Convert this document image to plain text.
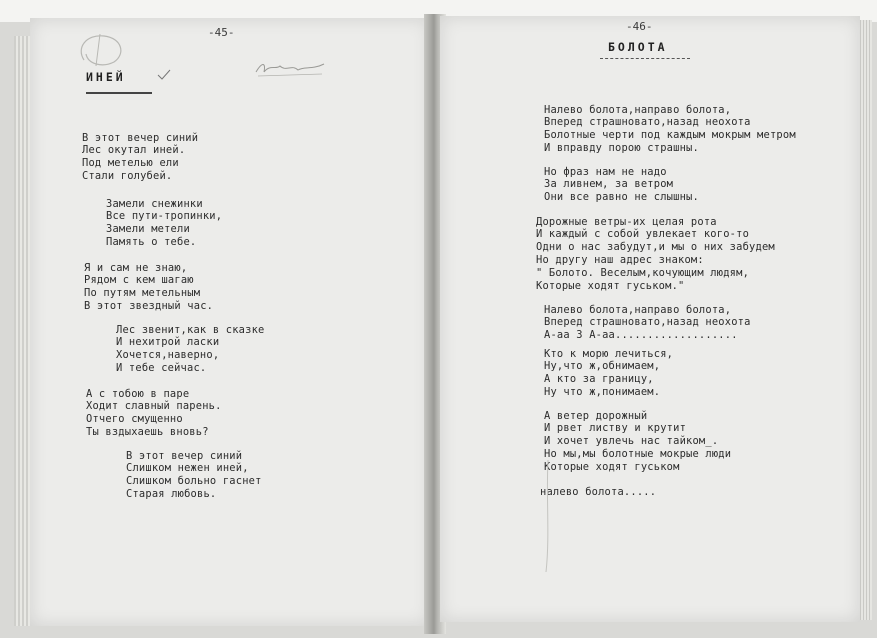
-45-
ИНЕЙ

В этот вечер синий
Лес окутал иней.
Под метелью ели
Стали голубей.

Замели снежинки
Все пути-тропинки,
Замели метели
Память о тебе.

Я и сам не знаю,
Рядом с кем шагаю
По путям метельным
В этот звездный час.

Лес звенит,как в сказке
И нехитрой ласки
Хочется,наверно,
И тебе сейчас.

А с тобою в паре
Ходит славный парень.
Отчего смущенно
Ты вздыхаешь вновь?

В этот вечер синий
Слишком нежен иней,
Слишком больно гаснет
Старая любовь.

-46-
БОЛОТА

Налево болота,направо болота,
Вперед страшновато,назад неохота
Болотные черти под каждым мокрым метром
И вправду порою страшны.

Но фраз нам не надо
За ливнем, за ветром
Они все равно не слышны.

Дорожные ветры-их целая рота
И каждый с собой увлекает кого-то
Одни о нас забудут,и мы о них забудем
Но другу наш адрес знаком:
" Болото. Веселым,кочующим людям,
Которые ходят гуськом."

Налево болота,направо болота,
Вперед страшновато,назад неохота
А-аа З А-аа...................

Кто к морю лечиться,
Ну,что ж,обнимаем,
А кто за границу,
Ну что ж,понимаем.

А ветер дорожный
И рвет листву и крутит
И хочет увлечь нас тайком_.
Но мы,мы болотные мокрые люди
Которые ходят гуськом

налево болота.....
